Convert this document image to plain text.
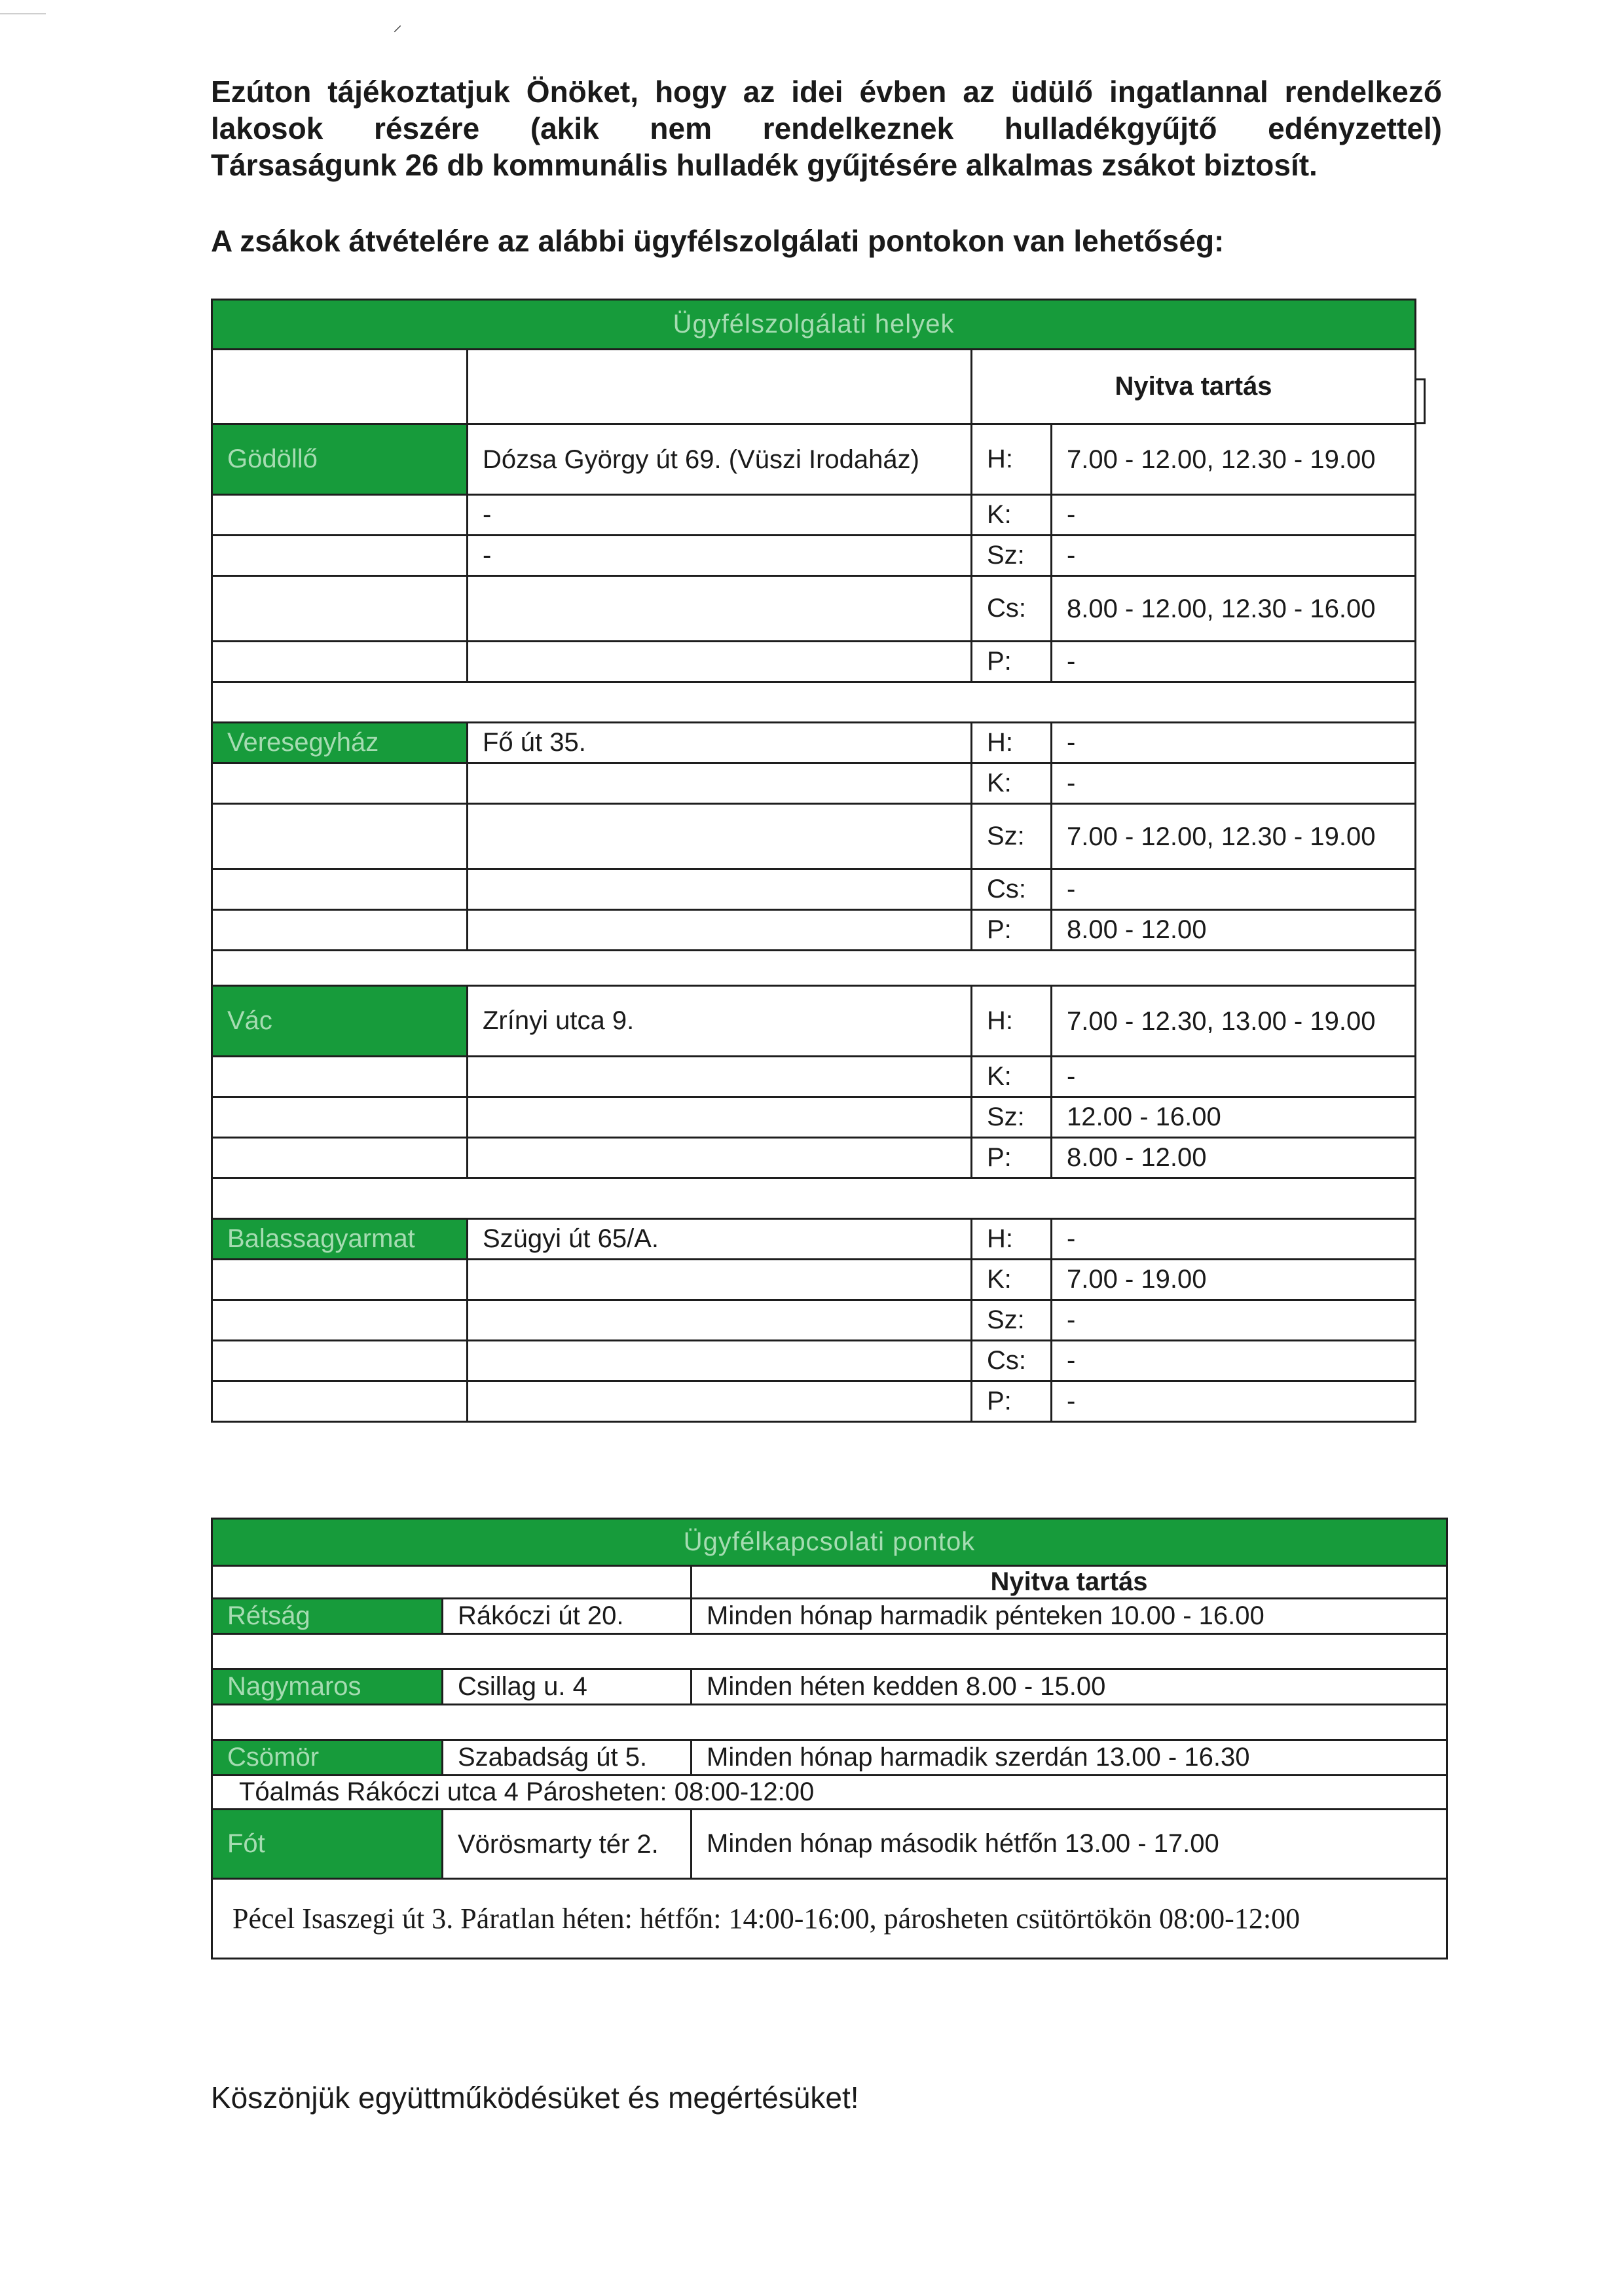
⸝
Ezúton tájékoztatjuk Önöket, hogy az idei évben az üdülő ingatlannal rendelkező
lakosok részére (akik nem rendelkeznek hulladékgyűjtő edényzettel)
Társaságunk 26 db kommunális hulladék gyűjtésére alkalmas zsákot biztosít.
A zsákok átvételére az alábbi ügyfélszolgálati pontokon van lehetőség:
Ügyfélszolgálati helyek			
		Nyitva tartás	
Gödöllő	Dózsa György út 69. (Vüszi Irodaház)	H:	7.00 - 12.00, 12.30 - 19.00
	-	K:	-
	-	Sz:	-
		Cs:	8.00 - 12.00, 12.30 - 16.00
		P:	-

Veresegyház	Fő út 35.	H:	-
		K:	-
		Sz:	7.00 - 12.00, 12.30 - 19.00
		Cs:	-
		P:	8.00 - 12.00

Vác	Zrínyi utca 9.	H:	7.00 - 12.30, 13.00 - 19.00
		K:	-
		Sz:	12.00 - 16.00
		P:	8.00 - 12.00

Balassagyarmat	Szügyi út 65/A.	H:	-
		K:	7.00 - 19.00
		Sz:	-
		Cs:	-
		P:	-
Ügyfélkapcsolati pontok		
		Nyitva tartás
Rétság	Rákóczi út 20.	Minden hónap harmadik pénteken 10.00 - 16.00

Nagymaros	Csillag u. 4	Minden héten kedden 8.00 - 15.00

Csömör	Szabadság út 5.	Minden hónap harmadik szerdán 13.00 - 16.30
Tóalmás Rákóczi utca 4 Párosheten: 08:00-12:00		
Fót	Vörösmarty tér 2.	Minden hónap második hétfőn 13.00 - 17.00
Pécel Isaszegi út 3. Páratlan héten: hétfőn: 14:00-16:00, párosheten csütörtökön 08:00-12:00		
Köszönjük együttműködésüket és megértésüket!
